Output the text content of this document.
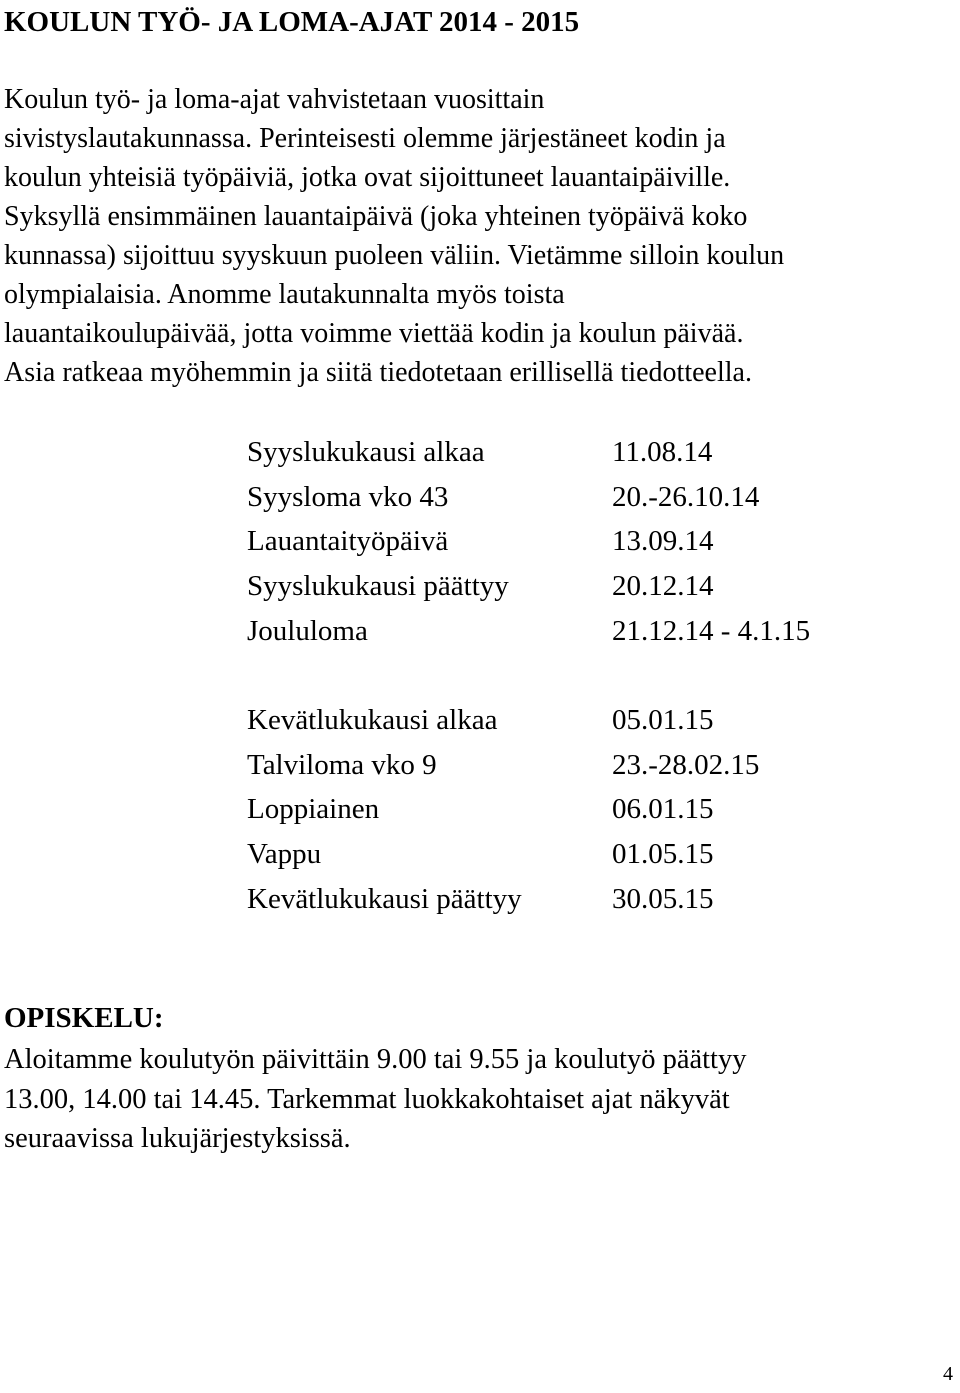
KOULUN TYÖ- JA LOMA-AJAT 2014 - 2015
Koulun työ- ja loma-ajat vahvistetaan vuosittain
sivistyslautakunnassa. Perinteisesti olemme järjestäneet kodin ja
koulun yhteisiä työpäiviä, jotka ovat sijoittuneet lauantaipäiville.
Syksyllä ensimmäinen lauantaipäivä (joka yhteinen työpäivä koko
kunnassa) sijoittuu syyskuun puoleen väliin. Vietämme silloin koulun
olympialaisia. Anomme lautakunnalta myös toista
lauantaikoulupäivää, jotta voimme viettää kodin ja koulun päivää.
Asia ratkeaa myöhemmin ja siitä tiedotetaan erillisellä tiedotteella.
Syyslukukausi alkaa	11.08.14
Syysloma vko 43	20.-26.10.14
Lauantaityöpäivä	13.09.14
Syyslukukausi päättyy	20.12.14
Joululoma	21.12.14 - 4.1.15
Kevätlukukausi alkaa	05.01.15
Talviloma vko 9	23.-28.02.15
Loppiainen	06.01.15
Vappu	01.05.15
Kevätlukukausi päättyy	30.05.15
OPISKELU:
Aloitamme koulutyön päivittäin 9.00 tai 9.55 ja koulutyö päättyy
13.00, 14.00 tai 14.45. Tarkemmat luokkakohtaiset ajat näkyvät
seuraavissa lukujärjestyksissä.
4
